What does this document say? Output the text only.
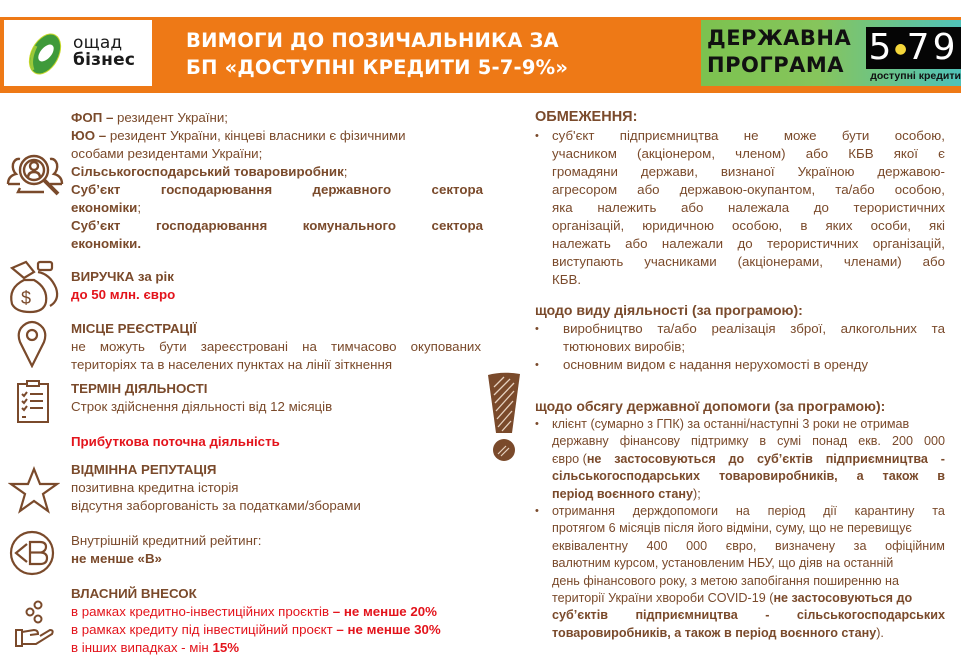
ощад
бізнес
ВИМОГИ ДО ПОЗИЧАЛЬНИКА ЗА
БП «ДОСТУПНІ КРЕДИТИ 5-7-9%»
ДЕРЖАВНА
ПРОГРАМА 5●79
доступні кредити
ФОП – резидент України;
ЮО – резидент України, кінцеві власники є фізичними
особами резидентами України;
Сільськогосподарський товаровиробник;
Суб’єкт	господарювання	державного	сектора
економіки;
Суб’єкт	господарювання	комунального	сектора
економіки.
$
ВИРУЧКА за рік
до 50 млн. євро
МІСЦЕ РЕЄСТРАЦІЇ
не можуть бути зареєстровані на тимчасово окупованих
територіях та в населених пунктах на лінії зіткнення
ТЕРМІН ДІЯЛЬНОСТІ
Строк здійснення діяльності від 12 місяців
Прибуткова поточна діяльність
ВІДМІННА РЕПУТАЦІЯ
позитивна кредитна історія
відсутня заборгованість за податками/зборами
Внутрішній кредитний рейтинг:
не менше «В»
ВЛАСНИЙ ВНЕСОК
в рамках кредитно-інвестиційних проєктів – не менше 20%
в рамках кредиту під інвестиційний проєкт – не менше 30%
в інших випадках - мін 15%
ОБМЕЖЕННЯ:
• суб'єкт підприємництва не може бути особою,
учасником (акціонером, членом) або КБВ якої є
громадяни держави, визнаної Україною державою-
агресором або державою-окупантом, та/або особою,
яка належить або належала до терористичних
організацій, юридичною особою, в яких особи, які
належать або належали до терористичних організацій,
виступають учасниками (акціонерами, членами) або
КБВ.
щодо виду діяльності (за програмою):
•	виробництво та/або реалізація зброї, алкогольних та
тютюнових виробів;
•	основним видом є надання нерухомості в оренду
щодо обсягу державної допомоги (за програмою):
•	клієнт (сумарно з ГПК) за останні/наступні 3 роки не отримав
державну фінансову підтримку в сумі понад екв. 200 000
євро (не застосовуються до суб’єктів підприємництва -
сільськогосподарських товаровиробників, а також в
період воєнного стану);
•	отримання держдопомоги на період дії карантину та
протягом 6 місяців після його відміни, суму, що не перевищує
еквівалентну 400 000 євро, визначену за офіційним
валютним курсом, установленим НБУ, що діяв на останній
день фінансового року, з метою запобігання поширенню на
території України хвороби COVID-19 (не застосовуються до
суб’єктів підприємництва - сільськогосподарських
товаровиробників, а також в період воєнного стану).
